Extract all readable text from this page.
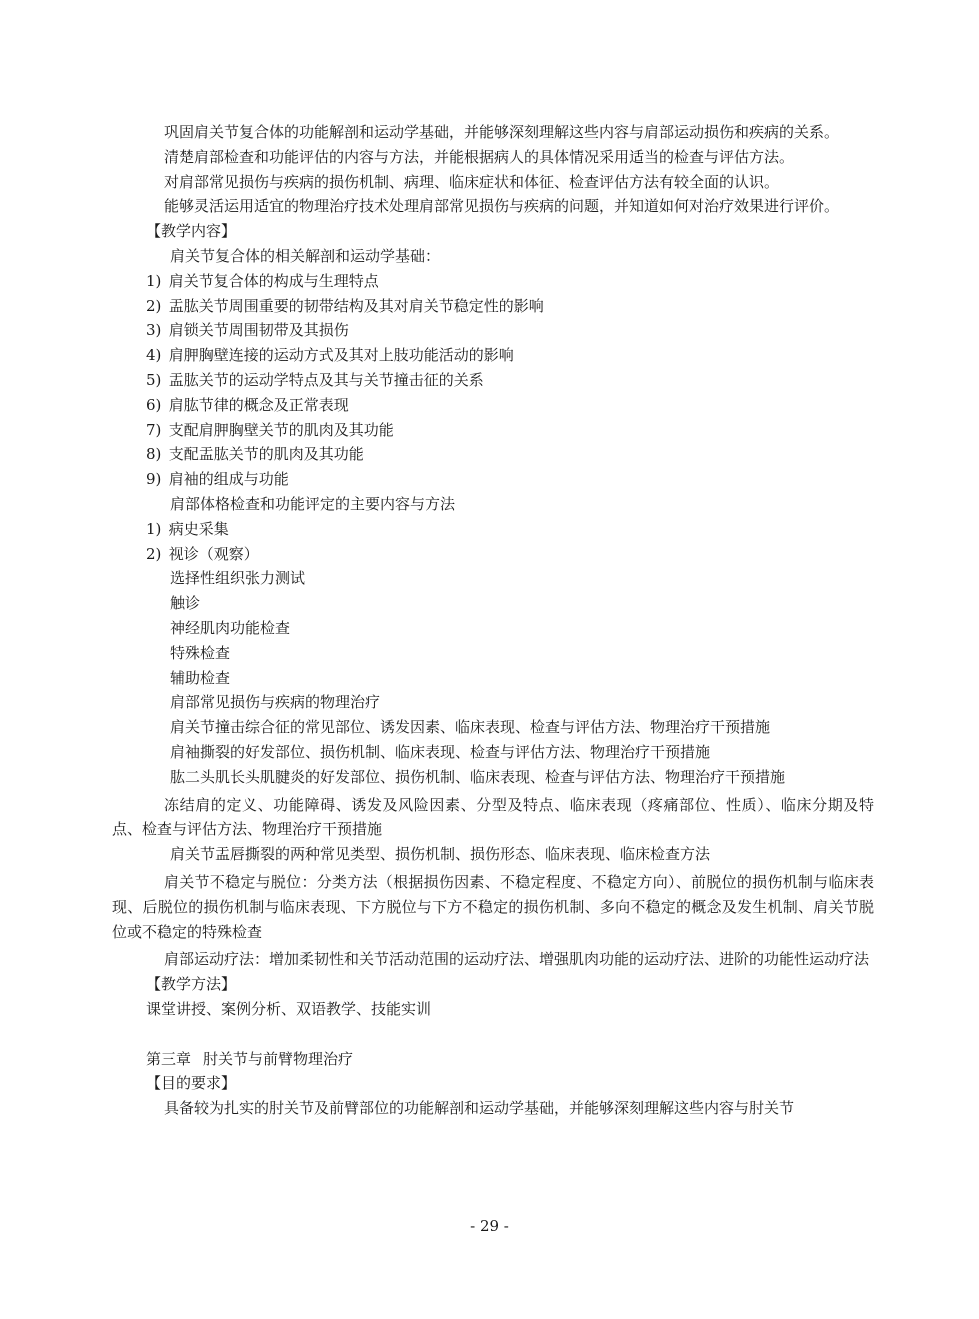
巩固肩关节复合体的功能解剖和运动学基础，并能够深刻理解这些内容与肩部运动损伤和疾病的关系。

清楚肩部检查和功能评估的内容与方法，并能根据病人的具体情况采用适当的检查与评估方法。

对肩部常见损伤与疾病的损伤机制、病理、临床症状和体征、检查评估方法有较全面的认识。

能够灵活运用适宜的物理治疗技术处理肩部常见损伤与疾病的问题，并知道如何对治疗效果进行评价。

【教学内容】

肩关节复合体的相关解剖和运动学基础：

1) 肩关节复合体的构成与生理特点

2) 盂肱关节周围重要的韧带结构及其对肩关节稳定性的影响

3) 肩锁关节周围韧带及其损伤

4) 肩胛胸壁连接的运动方式及其对上肢功能活动的影响

5) 盂肱关节的运动学特点及其与关节撞击征的关系

6) 肩肱节律的概念及正常表现

7) 支配肩胛胸壁关节的肌肉及其功能

8) 支配盂肱关节的肌肉及其功能

9) 肩袖的组成与功能

肩部体格检查和功能评定的主要内容与方法

1) 病史采集

2) 视诊（观察）

选择性组织张力测试

触诊

神经肌肉功能检查

特殊检查

辅助检查

肩部常见损伤与疾病的物理治疗

肩关节撞击综合征的常见部位、诱发因素、临床表现、检查与评估方法、物理治疗干预措施

肩袖撕裂的好发部位、损伤机制、临床表现、检查与评估方法、物理治疗干预措施

肱二头肌长头肌腱炎的好发部位、损伤机制、临床表现、检查与评估方法、物理治疗干预措施

冻结肩的定义、功能障碍、诱发及风险因素、分型及特点、临床表现（疼痛部位、性质）、临床分期及特点、检查与评估方法、物理治疗干预措施

肩关节盂唇撕裂的两种常见类型、损伤机制、损伤形态、临床表现、临床检查方法

肩关节不稳定与脱位：分类方法（根据损伤因素、不稳定程度、不稳定方向）、前脱位的损伤机制与临床表现、后脱位的损伤机制与临床表现、下方脱位与下方不稳定的损伤机制、多向不稳定的概念及发生机制、肩关节脱位或不稳定的特殊检查

肩部运动疗法：增加柔韧性和关节活动范围的运动疗法、增强肌肉功能的运动疗法、进阶的功能性运动疗法

【教学方法】

课堂讲授、案例分析、双语教学、技能实训

第三章 肘关节与前臂物理治疗

【目的要求】

具备较为扎实的肘关节及前臂部位的功能解剖和运动学基础，并能够深刻理解这些内容与肘关节

- 29 -
